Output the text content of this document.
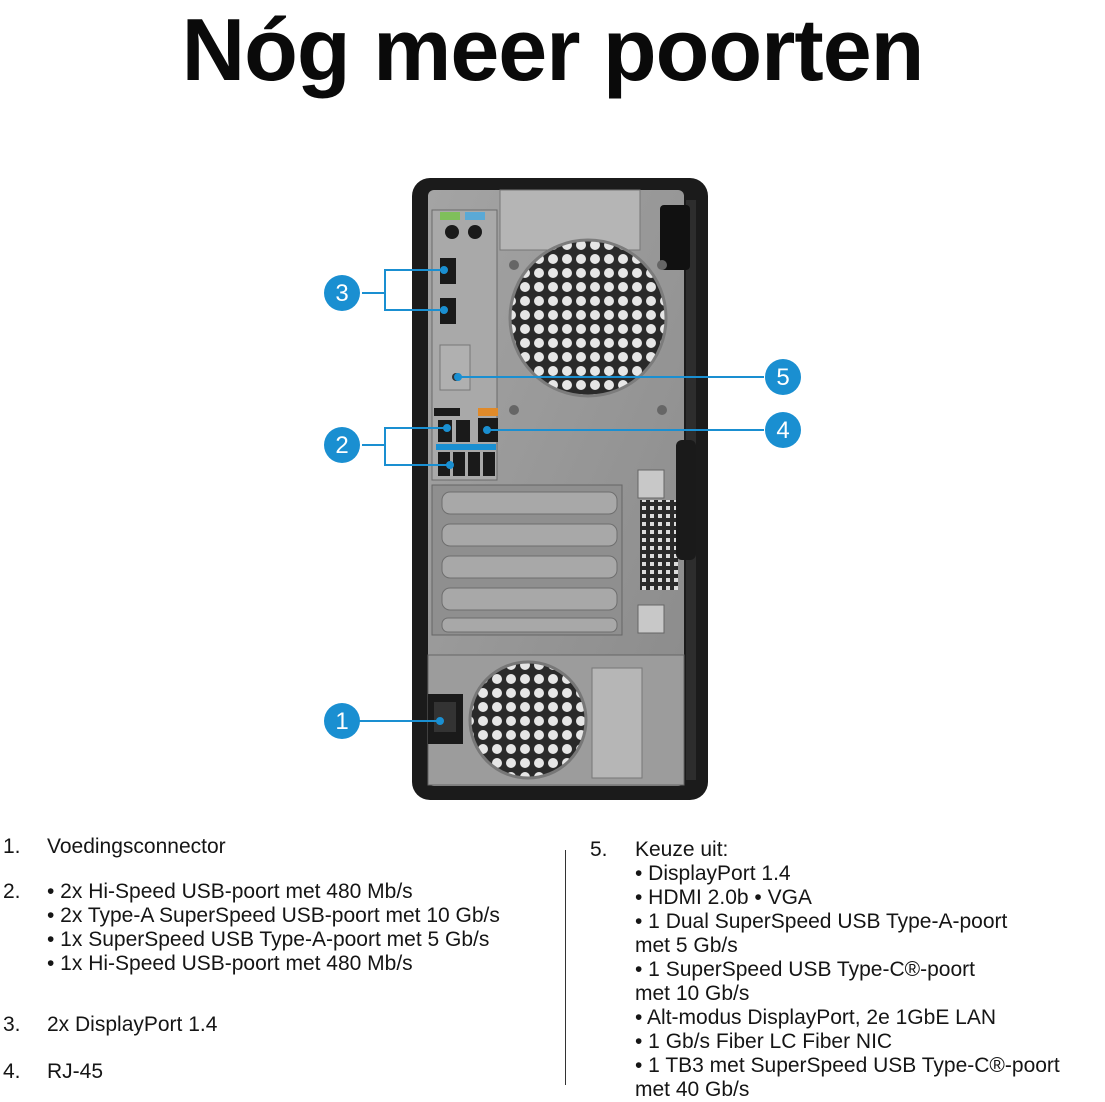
Nóg meer poorten
3
2
5
4
1
1. Voedingsconnector
2. • 2x Hi-Speed USB-poort met 480 Mb/s
• 2x Type-A SuperSpeed USB-poort met 10 Gb/s
• 1x SuperSpeed USB Type-A-poort met 5 Gb/s
• 1x Hi-Speed USB-poort met 480 Mb/s
3. 2x DisplayPort 1.4
4. RJ-45
5. Keuze uit:
• DisplayPort 1.4
• HDMI 2.0b • VGA
• 1 Dual SuperSpeed USB Type-A-poort
met 5 Gb/s
• 1 SuperSpeed USB Type-C®-poort
met 10 Gb/s
• Alt-modus DisplayPort, 2e 1GbE LAN
• 1 Gb/s Fiber LC Fiber NIC
• 1 TB3 met SuperSpeed USB Type-C®-poort
met 40 Gb/s
